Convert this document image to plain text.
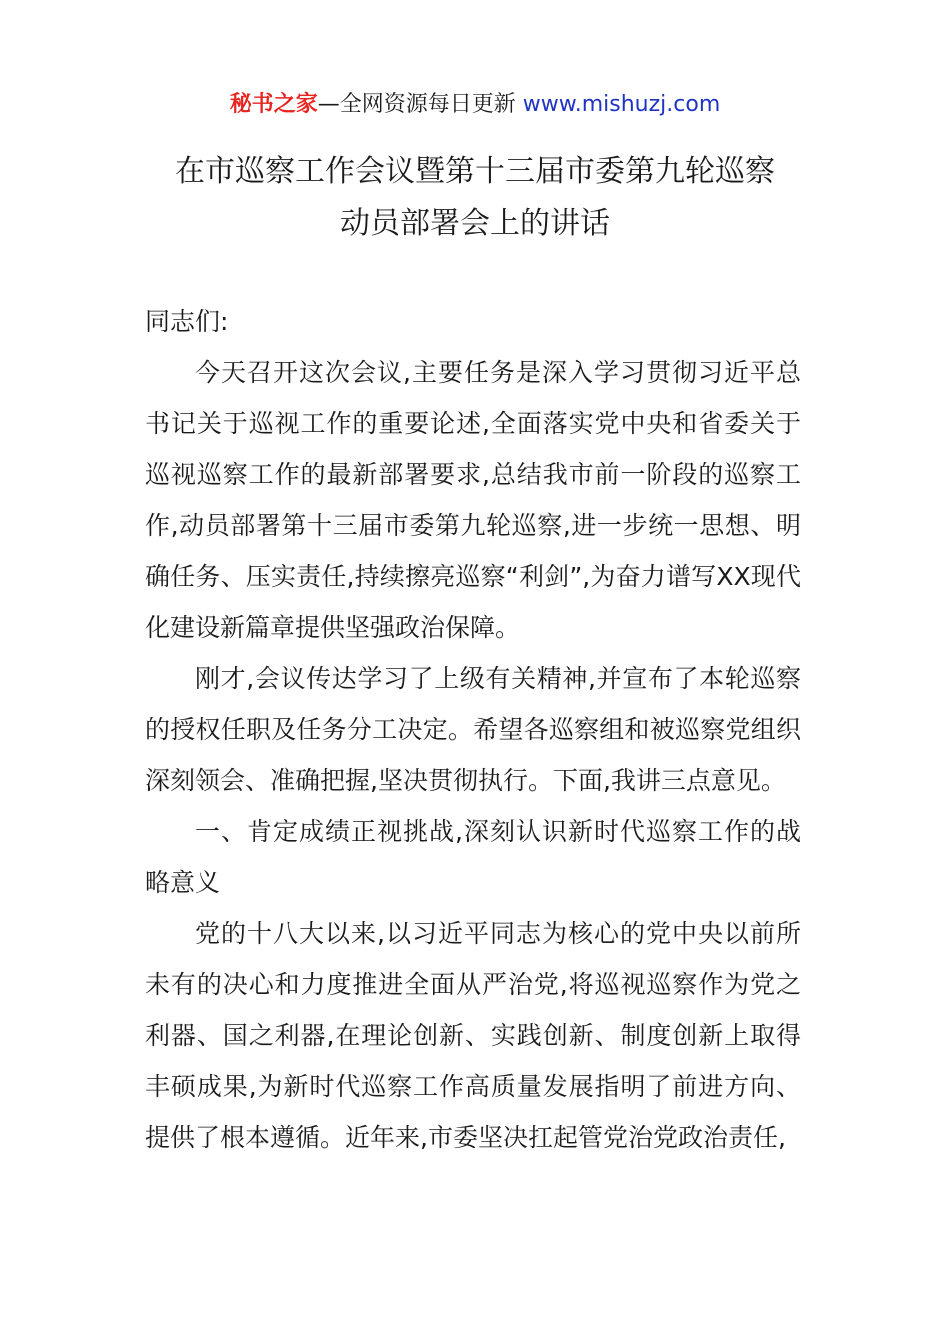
秘书之家—全网资源每日更新 www.mishuzj.com
在市巡察工作会议暨第十三届市委第九轮巡察
动员部署会上的讲话

同志们:

今天召开这次会议,主要任务是深入学习贯彻习近平总书记关于巡视工作的重要论述,全面落实党中央和省委关于巡视巡察工作的最新部署要求,总结我市前一阶段的巡察工作,动员部署第十三届市委第九轮巡察,进一步统一思想、明确任务、压实责任,持续擦亮巡察“利剑”,为奋力谱写XX现代化建设新篇章提供坚强政治保障。

刚才,会议传达学习了上级有关精神,并宣布了本轮巡察的授权任职及任务分工决定。希望各巡察组和被巡察党组织深刻领会、准确把握,坚决贯彻执行。下面,我讲三点意见。

一、肯定成绩正视挑战,深刻认识新时代巡察工作的战略意义

党的十八大以来,以习近平同志为核心的党中央以前所未有的决心和力度推进全面从严治党,将巡视巡察作为党之利器、国之利器,在理论创新、实践创新、制度创新上取得丰硕成果,为新时代巡察工作高质量发展指明了前进方向、提供了根本遵循。近年来,市委坚决扛起管党治党政治责任,
